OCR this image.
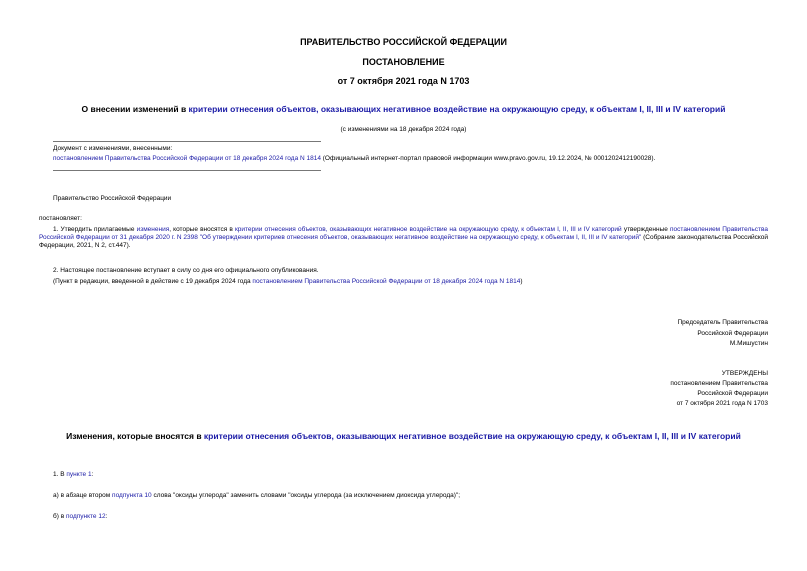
ПРАВИТЕЛЬСТВО РОССИЙСКОЙ ФЕДЕРАЦИИ
ПОСТАНОВЛЕНИЕ
от 7 октября 2021 года N 1703
О внесении изменений в критерии отнесения объектов, оказывающих негативное воздействие на окружающую среду, к объектам I, II, III и IV категорий
(с изменениями на 18 декабря 2024 года)
Документ с изменениями, внесенными:
постановлением Правительства Российской Федерации от 18 декабря 2024 года N 1814 (Официальный интернет-портал правовой информации www.pravo.gov.ru, 19.12.2024, № 0001202412190028).
Правительство Российской Федерации
постановляет:
1. Утвердить прилагаемые изменения, которые вносятся в критерии отнесения объектов, оказывающих негативное воздействие на окружающую среду, к объектам I, II, III и IV категорий утвержденные постановлением Правительства Российской Федерации от 31 декабря 2020 г. N 2398 "Об утверждении критериев отнесения объектов, оказывающих негативное воздействие на окружающую среду, к объектам I, II, III и IV категорий" (Собрание законодательства Российской Федерации, 2021, N 2, ст.447).
2. Настоящее постановление вступает в силу со дня его официального опубликования.
(Пункт в редакции, введенной в действие с 19 декабря 2024 года постановлением Правительства Российской Федерации от 18 декабря 2024 года N 1814)
Председатель Правительства
Российской Федерации
М.Мишустин
УТВЕРЖДЕНЫ
постановлением Правительства
Российской Федерации
от 7 октября 2021 года N 1703
Изменения, которые вносятся в критерии отнесения объектов, оказывающих негативное воздействие на окружающую среду, к объектам I, II, III и IV категорий
1. В пункте 1:
а) в абзаце втором подпункта 10 слова "оксиды углерода" заменить словами "оксиды углерода (за исключением диоксида углерода)";
б) в подпункте 12:
